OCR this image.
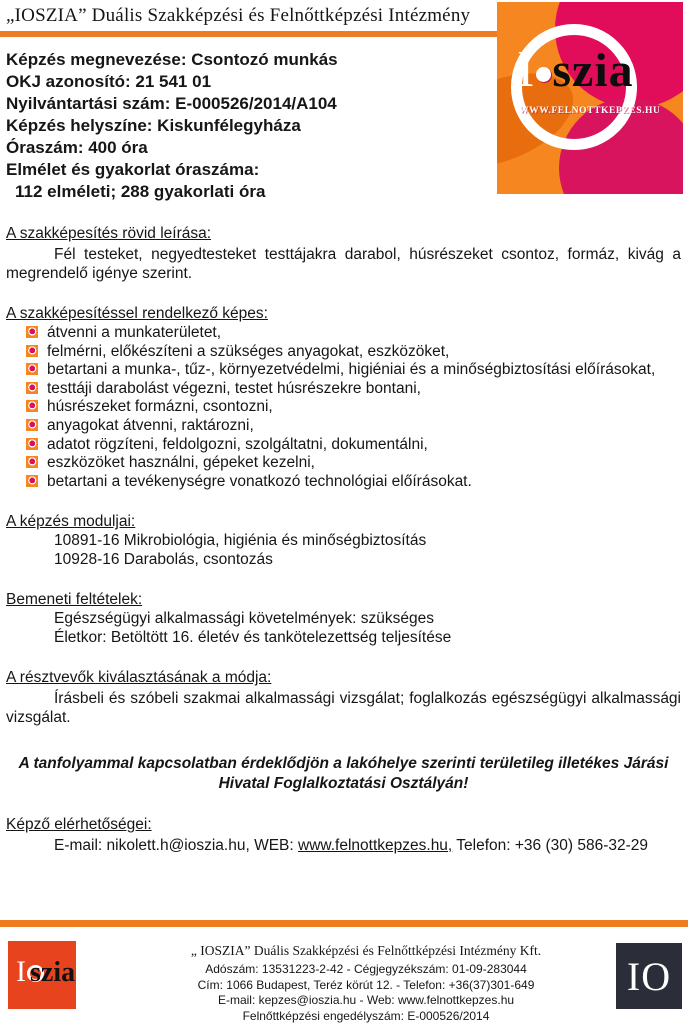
„IOSZIA” Duális Szakképzési és Felnőttképzési Intézmény
I szia
WWW.FELNOTTKEPZES.HU
Képzés megnevezése: Csontozó munkás
OKJ azonosító: 21 541 01
Nyilvántartási szám: E-000526/2014/A104
Képzés helyszíne: Kiskunfélegyháza
Óraszám: 400 óra
Elmélet és gyakorlat óraszáma:
112 elméleti; 288 gyakorlati óra
A szakképesítés rövid leírása:
Fél testeket, negyedtesteket testtájakra darabol, húsrészeket csontoz, formáz, kivág a megrendelő igénye szerint.
A szakképesítéssel rendelkező képes:
átvenni a munkaterületet,
felmérni, előkészíteni a szükséges anyagokat, eszközöket,
betartani a munka-, tűz-, környezetvédelmi, higiéniai és a minőségbiztosítási előírásokat,
testtáji darabolást végezni, testet húsrészekre bontani,
húsrészeket formázni, csontozni,
anyagokat átvenni, raktározni,
adatot rögzíteni, feldolgozni, szolgáltatni, dokumentálni,
eszközöket használni, gépeket kezelni,
betartani a tevékenységre vonatkozó technológiai előírásokat.
A képzés moduljai:
10891-16 Mikrobiológia, higiénia és minőségbiztosítás
10928-16 Darabolás, csontozás
Bemeneti feltételek:
Egészségügyi alkalmassági követelmények: szükséges
Életkor: Betöltött 16. életév és tankötelezettség teljesítése
A résztvevők kiválasztásának a módja:
Írásbeli és szóbeli szakmai alkalmassági vizsgálat; foglalkozás egészségügyi alkalmassági vizsgálat.
A tanfolyammal kapcsolatban érdeklődjön a lakóhelye szerinti területileg illetékes Járási Hivatal Foglalkoztatási Osztályán!
Képző elérhetőségei:
E-mail: nikolett.h@ioszia.hu, WEB: www.felnottkepzes.hu, Telefon: +36 (30) 586-32-29
I szia
„ IOSZIA” Duális Szakképzési és Felnőttképzési Intézmény Kft.
Adószám: 13531223-2-42 - Cégjegyzékszám: 01-09-283044
Cím: 1066 Budapest, Teréz körút 12. - Telefon: +36(37)301-649
E-mail: kepzes@ioszia.hu - Web: www.felnottkepzes.hu
Felnőttképzési engedélyszám: E-000526/2014
IO
